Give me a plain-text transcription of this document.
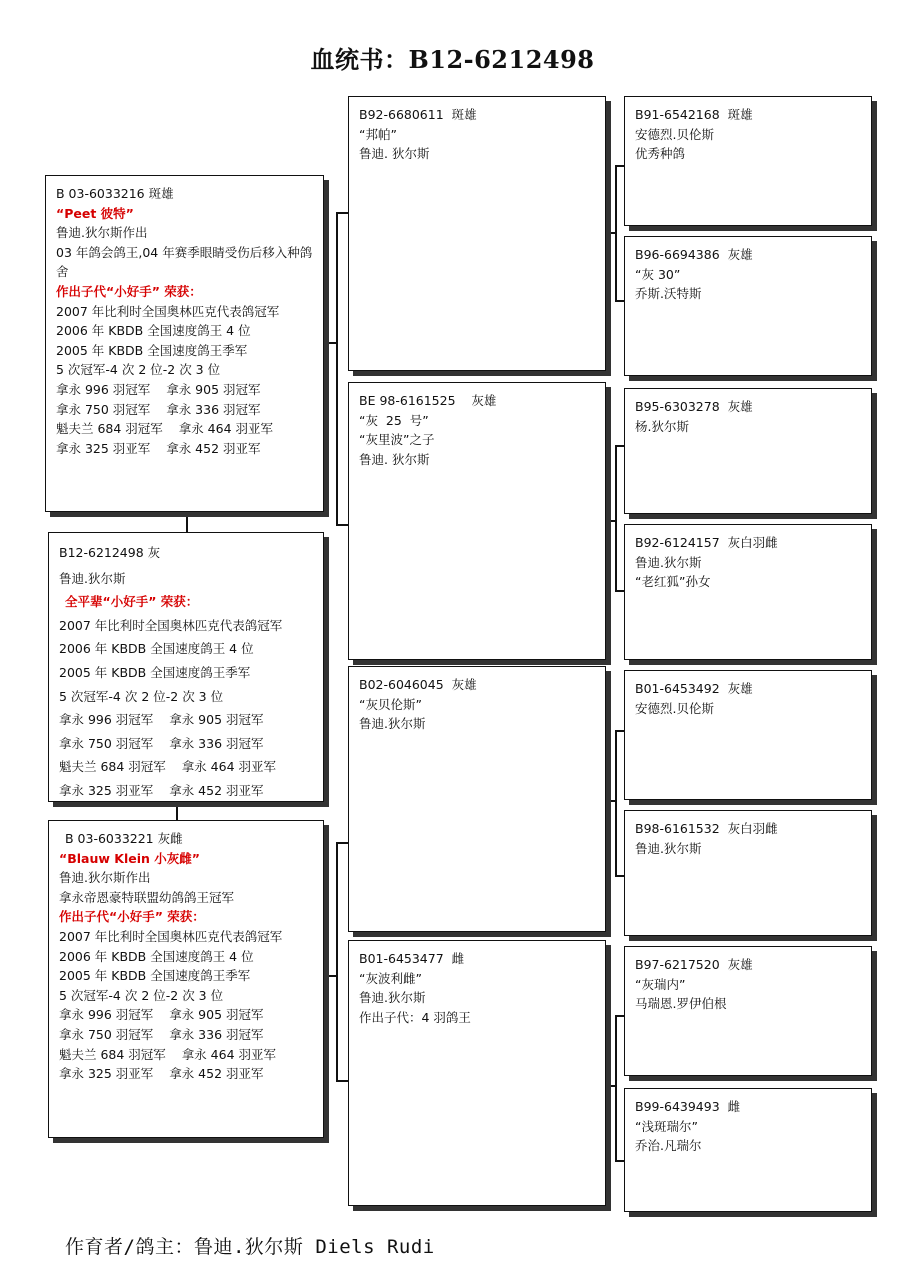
血统书：B12-6212498
B 03-6033216 斑雄
“Peet 彼特”
鲁迪.狄尔斯作出
03 年鸽会鸽王,04 年赛季眼睛受伤后移入种鸽舍
作出子代“小好手” 荣获：
2007 年比利时全国奥林匹克代表鸽冠军
2006 年 KBDB 全国速度鸽王 4 位
2005 年 KBDB 全国速度鸽王季军
5 次冠军-4 次 2 位-2 次 3 位
拿永 996 羽冠军    拿永 905 羽冠军
拿永 750 羽冠军    拿永 336 羽冠军
魁夫兰 684 羽冠军    拿永 464 羽亚军
拿永 325 羽亚军    拿永 452 羽亚军
B12-6212498 灰
鲁迪.狄尔斯
全平辈“小好手” 荣获：
2007 年比利时全国奥林匹克代表鸽冠军
2006 年 KBDB 全国速度鸽王 4 位
2005 年 KBDB 全国速度鸽王季军
5 次冠军-4 次 2 位-2 次 3 位
拿永 996 羽冠军    拿永 905 羽冠军
拿永 750 羽冠军    拿永 336 羽冠军
魁夫兰 684 羽冠军    拿永 464 羽亚军
拿永 325 羽亚军    拿永 452 羽亚军
B 03-6033221 灰雌
“Blauw Klein 小灰雌”
鲁迪.狄尔斯作出
拿永帝恩豪特联盟幼鸽鸽王冠军
作出子代“小好手” 荣获：
2007 年比利时全国奥林匹克代表鸽冠军
2006 年 KBDB 全国速度鸽王 4 位
2005 年 KBDB 全国速度鸽王季军
5 次冠军-4 次 2 位-2 次 3 位
拿永 996 羽冠军    拿永 905 羽冠军
拿永 750 羽冠军    拿永 336 羽冠军
魁夫兰 684 羽冠军    拿永 464 羽亚军
拿永 325 羽亚军    拿永 452 羽亚军
B92-6680611  斑雄
“邦帕”
鲁迪. 狄尔斯
BE 98-6161525    灰雄
“灰  25  号”
“灰里波”之子
鲁迪. 狄尔斯
B02-6046045  灰雄
“灰贝伦斯”
鲁迪.狄尔斯
B01-6453477  雌
“灰波利雌”
鲁迪.狄尔斯
作出子代：4 羽鸽王
B91-6542168  斑雄
安德烈.贝伦斯
优秀种鸽
B96-6694386  灰雄
“灰 30”
乔斯.沃特斯
B95-6303278  灰雄
杨.狄尔斯
B92-6124157  灰白羽雌
鲁迪.狄尔斯
“老红狐”孙女
B01-6453492  灰雄
安德烈.贝伦斯
B98-6161532  灰白羽雌
鲁迪.狄尔斯
B97-6217520  灰雄
“灰瑞内”
马瑞恩.罗伊伯根
B99-6439493  雌
“浅斑瑞尔”
乔治.凡瑞尔
作育者/鸽主：鲁迪.狄尔斯 Diels Rudi
